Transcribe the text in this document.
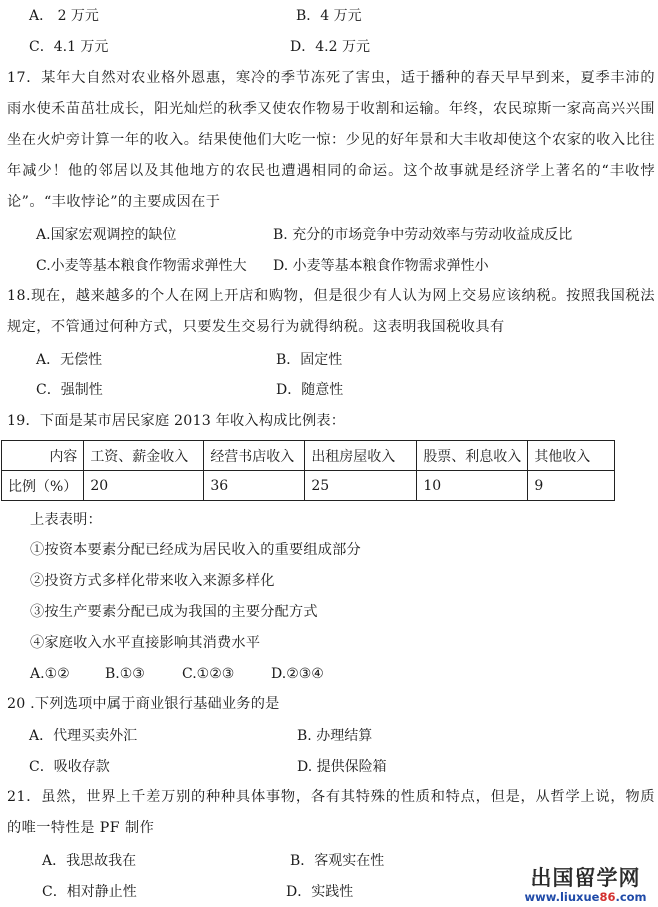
A． 2 万元	B．4 万元
C．4.1 万元	D．4.2 万元
17．某年大自然对农业格外恩惠，寒冷的季节冻死了害虫，适于播种的春天早早到来，夏季丰沛的雨水使禾苗茁壮成长，阳光灿烂的秋季又使农作物易于收割和运输。年终，农民琼斯一家高高兴兴围坐在火炉旁计算一年的收入。结果使他们大吃一惊：少见的好年景和大丰收却使这个农家的收入比往年减少！他的邻居以及其他地方的农民也遭遇相同的命运。这个故事就是经济学上著名的“丰收悖论”。“丰收悖论”的主要成因在于
A.国家宏观调控的缺位	B. 充分的市场竞争中劳动效率与劳动收益成反比
C.小麦等基本粮食作物需求弹性大 D. 小麦等基本粮食作物需求弹性小
18.现在，越来越多的个人在网上开店和购物，但是很少有人认为网上交易应该纳税。按照我国税法规定，不管通过何种方式，只要发生交易行为就得纳税。这表明我国税收具有
A．无偿性	B．固定性
C．强制性	D．随意性
19．下面是某市居民家庭 2013 年收入构成比例表：
内容	工资、薪金收入	经营书店收入	出租房屋收入	股票、利息收入	其他收入
比例（%）	20	36	25	10	9
上表表明：
①按资本要素分配已经成为居民收入的重要组成部分
②投资方式多样化带来收入来源多样化
③按生产要素分配已成为我国的主要分配方式
④家庭收入水平直接影响其消费水平
A.①②	B.①③	C.①②③	D.②③④
20 .下列选项中属于商业银行基础业务的是
A．代理买卖外汇	B. 办理结算
C．吸收存款	D. 提供保险箱
21．虽然，世界上千差万别的种种具体事物，各有其特殊的性质和特点，但是，从哲学上说，物质的唯一特性是 PF 制作
A．我思故我在	B．客观实在性
C．相对静止性	D．实践性
出国留学网
www.liuxue86.com
